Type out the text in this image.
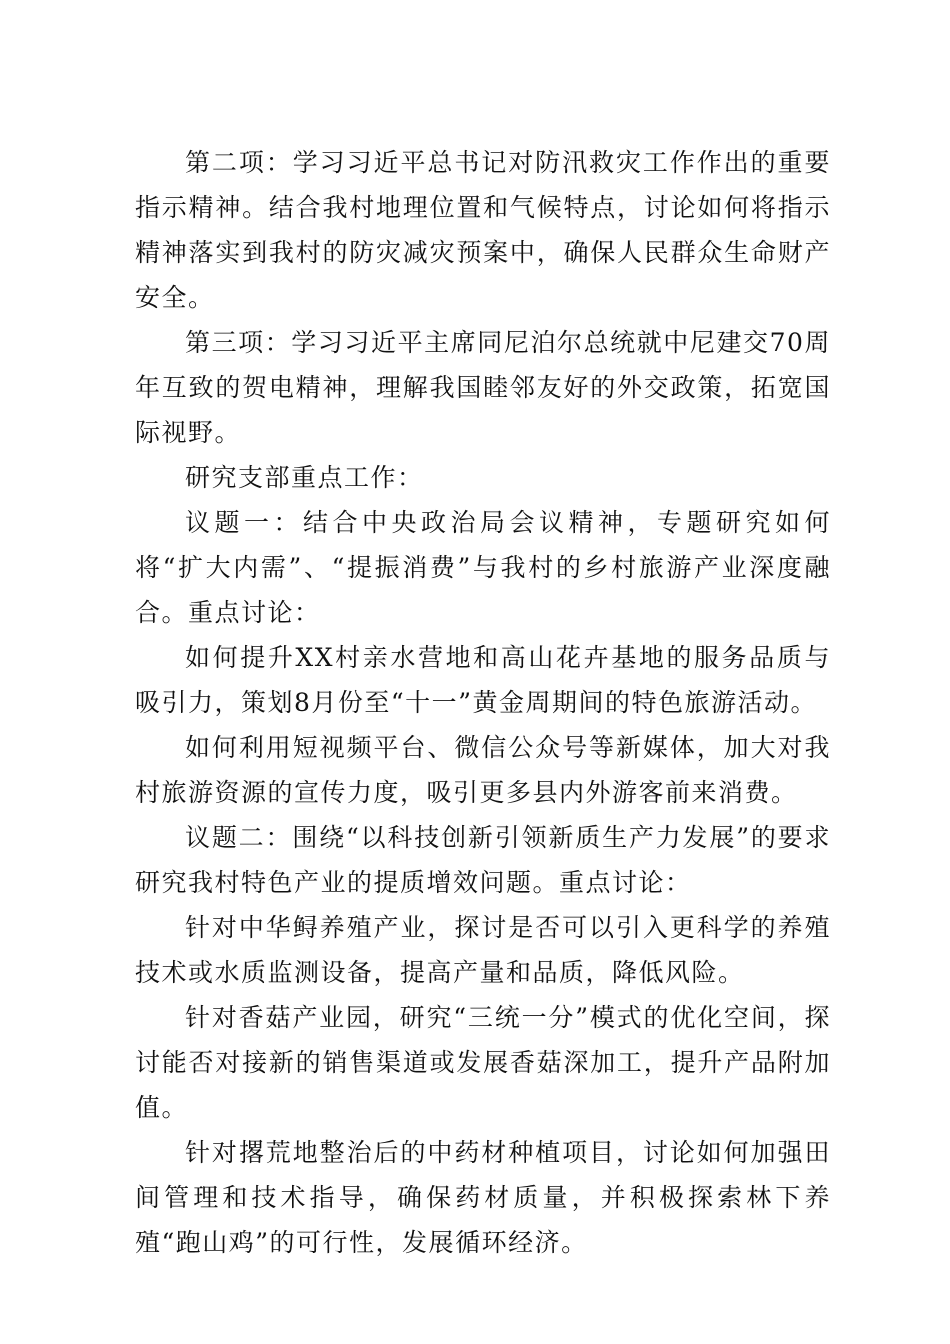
第二项：学习习近平总书记对防汛救灾工作作出的重要指示精神。结合我村地理位置和气候特点，讨论如何将指示精神落实到我村的防灾减灾预案中，确保人民群众生命财产安全。

第三项：学习习近平主席同尼泊尔总统就中尼建交70周年互致的贺电精神，理解我国睦邻友好的外交政策，拓宽国际视野。

研究支部重点工作：

议题一：结合中央政治局会议精神，专题研究如何将“扩大内需”、“提振消费”与我村的乡村旅游产业深度融合。重点讨论：

如何提升XX村亲水营地和高山花卉基地的服务品质与吸引力，策划8月份至“十一”黄金周期间的特色旅游活动。

如何利用短视频平台、微信公众号等新媒体，加大对我村旅游资源的宣传力度，吸引更多县内外游客前来消费。

议题二：围绕“以科技创新引领新质生产力发展”的要求研究我村特色产业的提质增效问题。重点讨论：

针对中华鲟养殖产业，探讨是否可以引入更科学的养殖技术或水质监测设备，提高产量和品质，降低风险。

针对香菇产业园，研究“三统一分”模式的优化空间，探讨能否对接新的销售渠道或发展香菇深加工，提升产品附加值。

针对撂荒地整治后的中药材种植项目，讨论如何加强田间管理和技术指导，确保药材质量，并积极探索林下养殖“跑山鸡”的可行性，发展循环经济。
